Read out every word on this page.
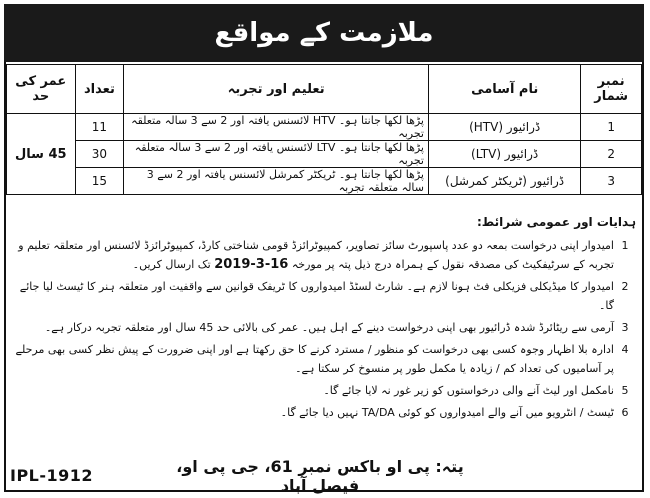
ملازمت کے مواقع
نمبر شمار	نام آسامی	تعلیم اور تجربہ	تعداد	عمر کی حد
1	ڈرائیور (HTV)	پڑھا لکھا جانتا ہو۔ HTV لائسنس یافتہ اور 2 سے 3 سالہ متعلقہ تجربہ	11	45 سال
2	ڈرائیور (LTV)	پڑھا لکھا جانتا ہو۔ LTV لائسنس یافتہ اور 2 سے 3 سالہ متعلقہ تجربہ	30	
3	ڈرائیور (ٹریکٹر کمرشل)	پڑھا لکھا جانتا ہو۔ ٹریکٹر کمرشل لائسنس یافتہ اور 2 سے 3 سالہ متعلقہ تجربہ	15	
ہدایات اور عمومی شرائط:
1
امیدوار اپنی درخواست بمعہ دو عدد پاسپورٹ سائز تصاویر، کمپیوٹرائزڈ قومی شناختی کارڈ، کمپیوٹرائزڈ لائسنس اور متعلقہ تعلیم و تجربہ کے سرٹیفکیٹ کی مصدقہ نقول کے ہمراہ درج ذیل پتہ پر مورخہ 16-3-2019 تک ارسال کریں۔
2
امیدوار کا میڈیکلی فزیکلی فٹ ہونا لازم ہے۔ شارٹ لسٹڈ امیدواروں کا ٹریفک قوانین سے واقفیت اور متعلقہ ہنر کا ٹیسٹ لیا جائے گا۔
3
آرمی سے ریٹائرڈ شدہ ڈرائیور بھی اپنی درخواست دینے کے اہل ہیں۔ عمر کی بالائی حد 45 سال اور متعلقہ تجربہ درکار ہے۔
4
ادارہ بلا اظہار وجوہ کسی بھی درخواست کو منظور / مسترد کرنے کا حق رکھتا ہے اور اپنی ضرورت کے پیش نظر کسی بھی مرحلے پر آسامیوں کی تعداد کم / زیادہ یا مکمل طور پر منسوخ کر سکتا ہے۔
5
نامکمل اور لیٹ آنے والی درخواستوں کو زیر غور نہ لایا جائے گا۔
6
ٹیسٹ / انٹرویو میں آنے والے امیدواروں کو کوئی TA/DA نہیں دیا جائے گا۔
پتہ: پی او باکس نمبر 61، جی پی او، فیصل آباد
IPL-1912
